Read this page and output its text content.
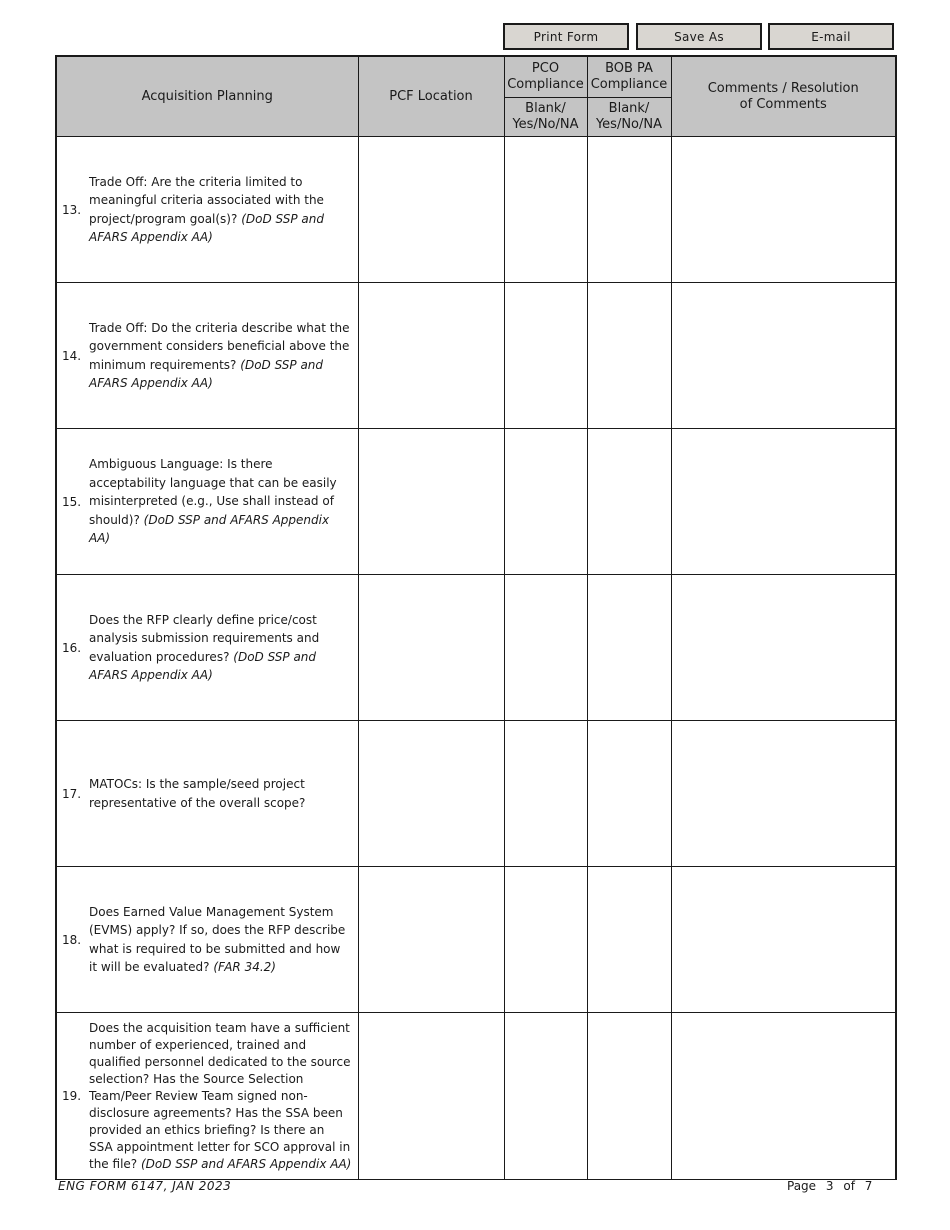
Print Form	Save As	E-mail
Acquisition Planning	PCF Location	PCO Compliance	BOB PA Compliance	Comments / Resolution of Comments
		Blank/ Yes/No/NA	Blank/ Yes/No/NA	

13.
Trade Off: Are the criteria limited to meaningful criteria associated with the project/program goal(s)? (DoD SSP and AFARS Appendix AA)				

14.
Trade Off: Do the criteria describe what the government considers beneficial above the minimum requirements? (DoD SSP and AFARS Appendix AA)				

15.
Ambiguous Language: Is there acceptability language that can be easily misinterpreted (e.g., Use shall instead of should)? (DoD SSP and AFARS Appendix AA)				

16.
Does the RFP clearly define price/cost analysis submission requirements and evaluation procedures? (DoD SSP and AFARS Appendix AA)				

17.
MATOCs: Is the sample/seed project representative of the overall scope?				

18.
Does Earned Value Management System (EVMS) apply? If so, does the RFP describe what is required to be submitted and how it will be evaluated? (FAR 34.2)				

19.
Does the acquisition team have a sufficient number of experienced, trained and qualified personnel dedicated to the source selection? Has the Source Selection Team/Peer Review Team signed non-disclosure agreements? Has the SSA been provided an ethics briefing? Is there an SSA appointment letter for SCO approval in the file? (DoD SSP and AFARS Appendix AA)				

ENG FORM 6147, JAN 2023	Page 3 of 7
